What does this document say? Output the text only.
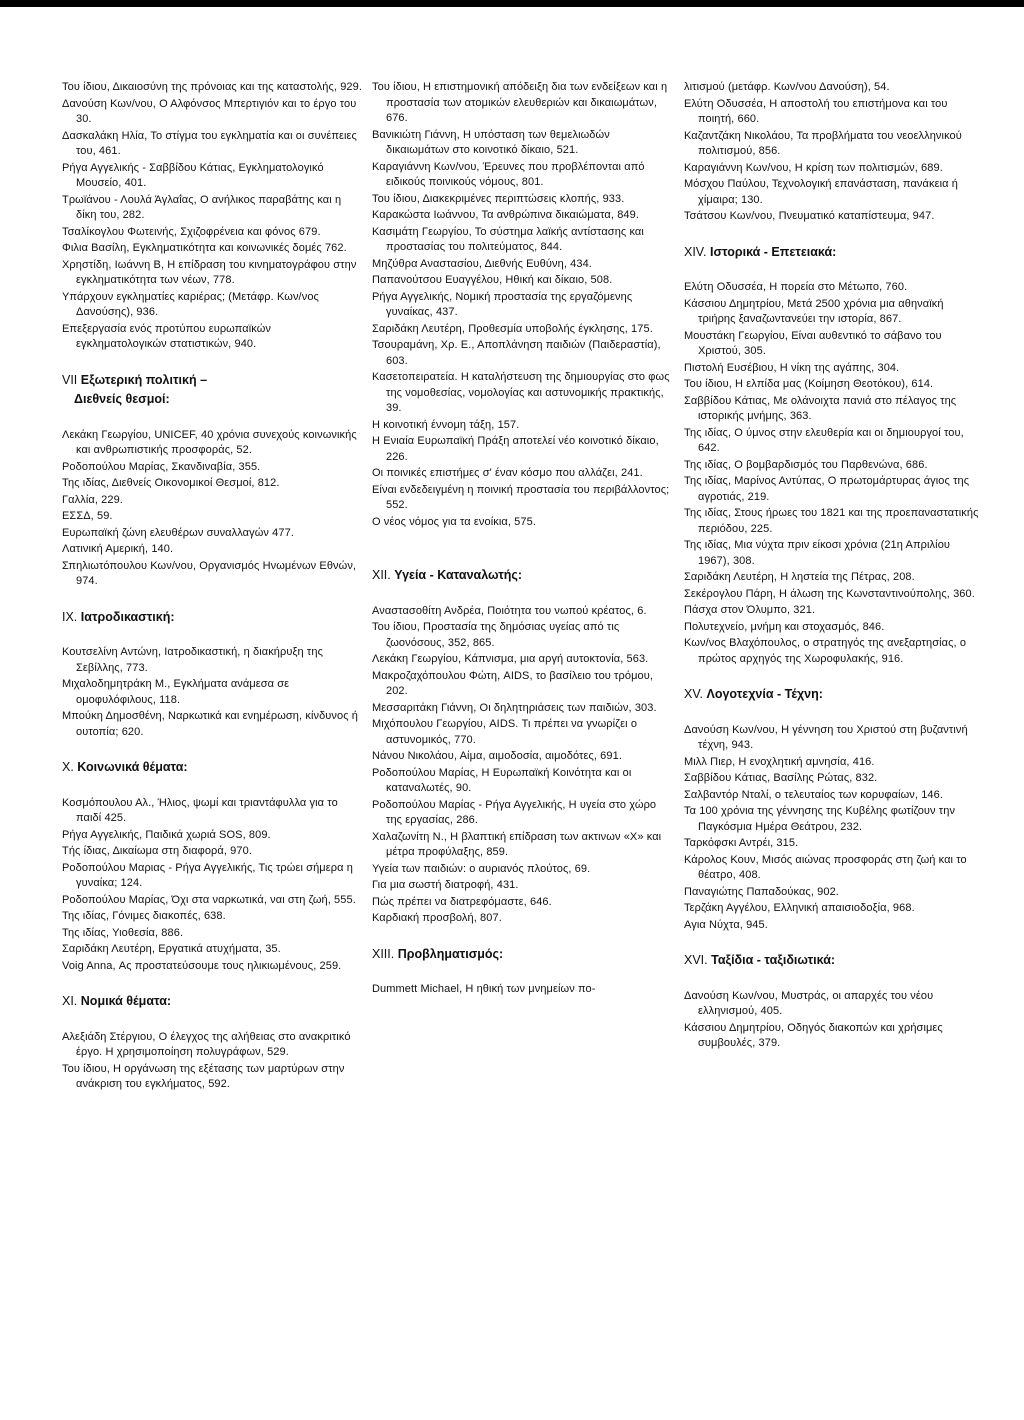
Του ίδιου, Δικαιοσύνη της πρόνοιας και της καταστολής, 929.
Δανούση Κων/νου, Ο Αλφόνσος Μπερτιγιόν και το έργο του 30.
Δασκαλάκη Ηλία, Το στίγμα του εγκληματία και οι συνέπειες του, 461.
Ρήγα Αγγελικής - Σαββίδου Κάτιας, Εγκληματολογικό Μουσείο, 401.
Τρωϊάνου - Λουλά Άγλαΐας, Ο ανήλικος παραβάτης και η δίκη του, 282.
Τσαλίκογλου Φωτεινής, Σχιζοφρένεια και φόνος 679.
Φιλια Βασίλη, Εγκληματικότητα και κοινωνικές δομές 762.
Χρηστίδη, Ιωάννη Β, Η επίδραση του κινηματογράφου στην εγκληματικότητα των νέων, 778.
Υπάρχουν εγκληματίες καριέρας; (Μετάφρ. Κων/νος Δανούσης), 936.
Επεξεργασία ενός προτύπου ευρωπαϊκών εγκληματολογικών στατιστικών, 940.
VII Εξωτερική πολιτική –
Διεθνείς θεσμοί:
Λεκάκη Γεωργίου, UNICEF, 40 χρόνια συνεχούς κοινωνικής και ανθρωπιστικής προσφοράς, 52.
Ροδοπούλου Μαρίας, Σκανδιναβία, 355.
Της ιδίας, Διεθνείς Οικονομικοί Θεσμοί, 812.
Γαλλία, 229.
ΕΣΣΔ, 59.
Ευρωπαϊκή ζώνη ελευθέρων συναλλαγών 477.
Λατινική Αμερική, 140.
Σπηλιωτόπουλου Κων/νου, Οργανισμός Ηνωμένων Εθνών, 974.
IX. Ιατροδικαστική:
Κουτσελίνη Αντώνη, Ιατροδικαστική, η διακήρυξη της Σεβίλλης, 773.
Μιχαλοδημητράκη Μ., Εγκλήματα ανάμεσα σε ομοφυλόφιλους, 118.
Μπούκη Δημοσθένη, Ναρκωτικά και ενημέρωση, κίνδυνος ή ουτοπία; 620.
X. Κοινωνικά θέματα:
Κοσμόπουλου Αλ., Ήλιος, ψωμί και τριαντάφυλλα για το παιδί 425.
Ρήγα Αγγελικής, Παιδικά χωριά SOS, 809.
Τής ίδιας, Δικαίωμα στη διαφορά, 970.
Ροδοπούλου Μαριας - Ρήγα Αγγελικής, Τις τρώει σήμερα η γυναίκα; 124.
Ροδοπούλου Μαρίας, Όχι στα ναρκωτικά, ναι στη ζωή, 555.
Της ιδίας, Γόνιμες διακοπές, 638.
Της ιδίας, Υιοθεσία, 886.
Σαριδάκη Λευτέρη, Εργατικά ατυχήματα, 35.
Voig Anna, Ας προστατεύσουμε τους ηλικιωμένους, 259.
XI. Νομικά θέματα:
Αλεξιάδη Στέργιου, Ο έλεγχος της αλήθειας στο ανακριτικό έργο. Η χρησιμοποίηση πολυγράφων, 529.
Του ίδιου, Η οργάνωση της εξέτασης των μαρτύρων στην ανάκριση του εγκλήματος, 592.
Του ίδιου, Η επιστημονική απόδειξη δια των ενδείξεων και η προστασία των ατομικών ελευθεριών και δικαιωμάτων, 676.
Βανικιώτη Γιάννη, Η υπόσταση των θεμελιωδών δικαιωμάτων στο κοινοτικό δίκαιο, 521.
Καραγιάννη Κων/νου, Έρευνες που προβλέπονται από ειδικούς ποινικούς νόμους, 801.
Του ίδιου, Διακεκριμένες περιπτώσεις κλοπής, 933.
Καρακώστα Ιωάννου, Τα ανθρώπινα δικαιώματα, 849.
Κασιμάτη Γεωργίου, Το σύστημα λαϊκής αντίστασης και προστασίας του πολιτεύματος, 844.
Μηζύθρα Αναστασίου, Διεθνής Ευθύνη, 434.
Παπανούτσου Ευαγγέλου, Ηθική και δίκαιο, 508.
Ρήγα Αγγελικής, Νομική προστασία της εργαζόμενης γυναίκας, 437.
Σαριδάκη Λευτέρη, Προθεσμία υποβολής έγκλησης, 175.
Τσουραμάνη, Χρ. Ε., Αποπλάνηση παιδιών (Παιδεραστία), 603.
Κασετοπειρατεία. Η καταλήστευση της δημιουργίας στο φως της νομοθεσίας, νομολογίας και αστυνομικής πρακτικής, 39.
Η κοινοτική έννομη τάξη, 157.
Η Ενιαία Ευρωπαϊκή Πράξη αποτελεί νέο κοινοτικό δίκαιο, 226.
Οι ποινικές επιστήμες σ' έναν κόσμο που αλλάζει, 241.
Είναι ενδεδειγμένη η ποινική προστασία του περιβάλλοντος; 552.
Ο νέος νόμος για τα ενοίκια, 575.
XII. Υγεία - Καταναλωτής:
Αναστασοθίτη Ανδρέα, Ποιότητα του νωπού κρέατος, 6.
Του ίδιου, Προστασία της δημόσιας υγείας από τις ζωονόσους, 352, 865.
Λεκάκη Γεωργίου, Κάπνισμα, μια αργή αυτοκτονία, 563.
Μακροζαχόπουλου Φώτη, AIDS, το βασίλειο του τρόμου, 202.
Μεσσαριτάκη Γιάννη, Οι δηλητηριάσεις των παιδιών, 303.
Μιχόπουλου Γεωργίου, AIDS. Τι πρέπει να γνωρίζει ο αστυνομικός, 770.
Νάνου Νικολάου, Αίμα, αιμοδοσία, αιμοδότες, 691.
Ροδοπούλου Μαρίας, Η Ευρωπαϊκή Κοινότητα και οι καταναλωτές, 90.
Ροδοπούλου Μαρίας - Ρήγα Αγγελικής, Η υγεία στο χώρο της εργασίας, 286.
Χαλαζωνίτη Ν., Η βλαπτική επίδραση των ακτινων «Χ» και μέτρα προφύλαξης, 859.
Υγεία των παιδιών: ο αυριανός πλούτος, 69.
Για μια σωστή διατροφή, 431.
Πώς πρέπει να διατρεφόμαστε, 646.
Καρδιακή προσβολή, 807.
XIII. Προβληματισμός:
Dummett Michael, Η ηθική των μνημείων πο-
λιτισμού (μετάφρ. Κων/νου Δανούση), 54.
Ελύτη Οδυσσέα, Η αποστολή του επιστήμονα και του ποιητή, 660.
Καζαντζάκη Νικολάου, Τα προβλήματα του νεοελληνικού πολιτισμού, 856.
Καραγιάννη Κων/νου, Η κρίση των πολιτισμών, 689.
Μόσχου Παύλου, Τεχνολογική επανάσταση, πανάκεια ή χίμαιρα; 130.
Τσάτσου Κων/νου, Πνευματικό καταπίστευμα, 947.
XIV. Ιστορικά - Επετειακά:
Ελύτη Οδυσσέα, Η πορεία στο Μέτωπο, 760.
Κάσσιου Δημητρίου, Μετά 2500 χρόνια μια αθηναϊκή τριήρης ξαναζωντανεύει την ιστορία, 867.
Μουστάκη Γεωργίου, Είναι αυθεντικό το σάβανο του Χριστού, 305.
Πιστολή Ευσέβιου, Η νίκη της αγάπης, 304.
Του ίδιου, Η ελπίδα μας (Κοίμηση Θεοτόκου), 614.
Σαββίδου Κάτιας, Με ολάνοιχτα πανιά στο πέλαγος της ιστορικής μνήμης, 363.
Της ιδίας, Ο ύμνος στην ελευθερία και οι δημιουργοί του, 642.
Της ιδίας, Ο βομβαρδισμός του Παρθενώνα, 686.
Της ιδίας, Μαρίνος Αντύπας, Ο πρωτομάρτυρας άγιος της αγροτιάς, 219.
Της ιδίας, Στους ήρωες του 1821 και της προεπαναστατικής περιόδου, 225.
Της ιδίας, Μια νύχτα πριν είκοσι χρόνια (21η Απριλίου 1967), 308.
Σαριδάκη Λευτέρη, Η ληστεία της Πέτρας, 208.
Σεκέρογλου Πάρη, Η άλωση της Κωνσταντινούπολης, 360.
Πάσχα στον Όλυμπο, 321.
Πολυτεχνείο, μνήμη και στοχασμός, 846.
Κων/νος Βλαχόπουλος, ο στρατηγός της ανεξαρτησίας, ο πρώτος αρχηγός της Χωροφυλακής, 916.
XV. Λογοτεχνία - Τέχνη:
Δανούση Κων/νου, Η γέννηση του Χριστού στη βυζαντινή τέχνη, 943.
Μιλλ Πιερ, Η ενοχλητική αμνησία, 416.
Σαββίδου Κάτιας, Βασίλης Ρώτας, 832.
Σαλβαντόρ Νταλί, ο τελευταίος των κορυφαίων, 146.
Τα 100 χρόνια της γέννησης της Κυβέλης φωτίζουν την Παγκόσμια Ημέρα Θεάτρου, 232.
Ταρκόφσκι Αντρέι, 315.
Κάρολος Κουν, Μισός αιώνας προσφοράς στη ζωή και το θέατρο, 408.
Παναγιώτης Παπαδούκας, 902.
Τερζάκη Αγγέλου, Ελληνική απαισιοδοξία, 968.
Αγια Νύχτα, 945.
XVI. Ταξίδια - ταξιδιωτικά:
Δανούση Κων/νου, Μυστράς, οι απαρχές του νέου ελληνισμού, 405.
Κάσσιου Δημητρίου, Οδηγός διακοπών και χρήσιμες συμβουλές, 379.
